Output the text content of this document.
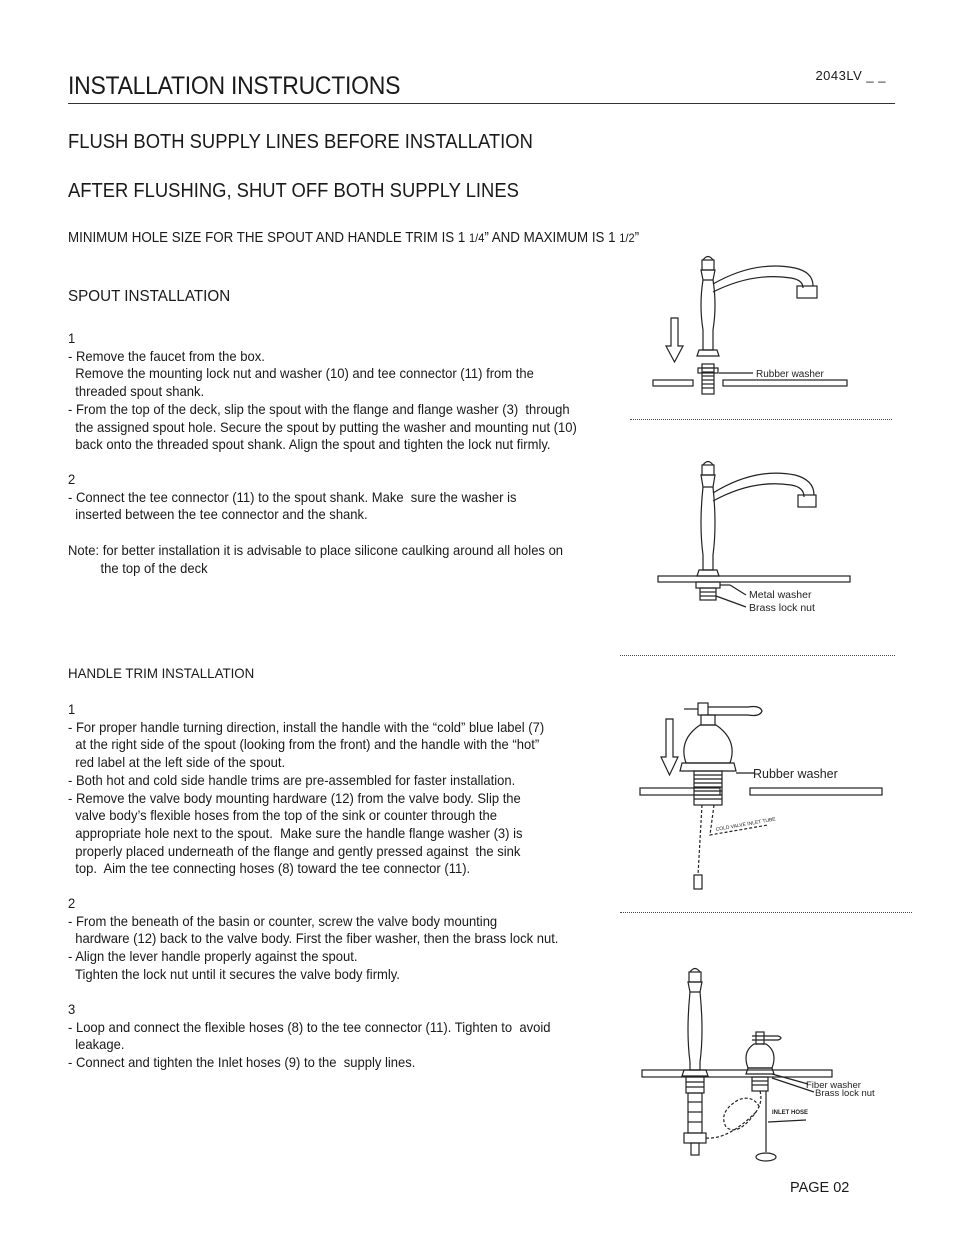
INSTALLATION INSTRUCTIONS	2043LV _ _
FLUSH BOTH SUPPLY LINES BEFORE INSTALLATION
AFTER FLUSHING, SHUT OFF BOTH SUPPLY LINES
MINIMUM HOLE SIZE FOR THE SPOUT AND HANDLE TRIM IS 1 1/4” AND MAXIMUM IS 1 1/2”
SPOUT INSTALLATION
1
- Remove the faucet from the box.
Remove the mounting lock nut and washer (10) and tee connector (11) from the
threaded spout shank.
- From the top of the deck, slip the spout with the flange and flange washer (3)  through
the assigned spout hole. Secure the spout by putting the washer and mounting nut (10)
back onto the threaded spout shank. Align the spout and tighten the lock nut firmly.
2
- Connect the tee connector (11) to the spout shank. Make  sure the washer is
inserted between the tee connector and the shank.
Note: for better installation it is advisable to place silicone caulking around all holes on
the top of the deck
HANDLE TRIM INSTALLATION
1
- For proper handle turning direction, install the handle with the “cold” blue label (7)
at the right side of the spout (looking from the front) and the handle with the “hot”
red label at the left side of the spout.
- Both hot and cold side handle trims are pre-assembled for faster installation.
- Remove the valve body mounting hardware (12) from the valve body. Slip the
valve body’s flexible hoses from the top of the sink or counter through the
appropriate hole next to the spout.  Make sure the handle flange washer (3) is
properly placed underneath of the flange and gently pressed against  the sink
top.  Aim the tee connecting hoses (8) toward the tee connector (11).
2
- From the beneath of the basin or counter, screw the valve body mounting
hardware (12) back to the valve body. First the fiber washer, then the brass lock nut.
- Align the lever handle properly against the spout.
Tighten the lock nut until it secures the valve body firmly.
3
- Loop and connect the flexible hoses (8) to the tee connector (11). Tighten to  avoid
leakage.
- Connect and tighten the Inlet hoses (9) to the  supply lines.
Rubber washer
Metal washer
Brass lock nut
Rubber washer
COLD VALVE INLET TUBE
Fiber washer
Brass lock nut
INLET HOSE
PAGE 02
